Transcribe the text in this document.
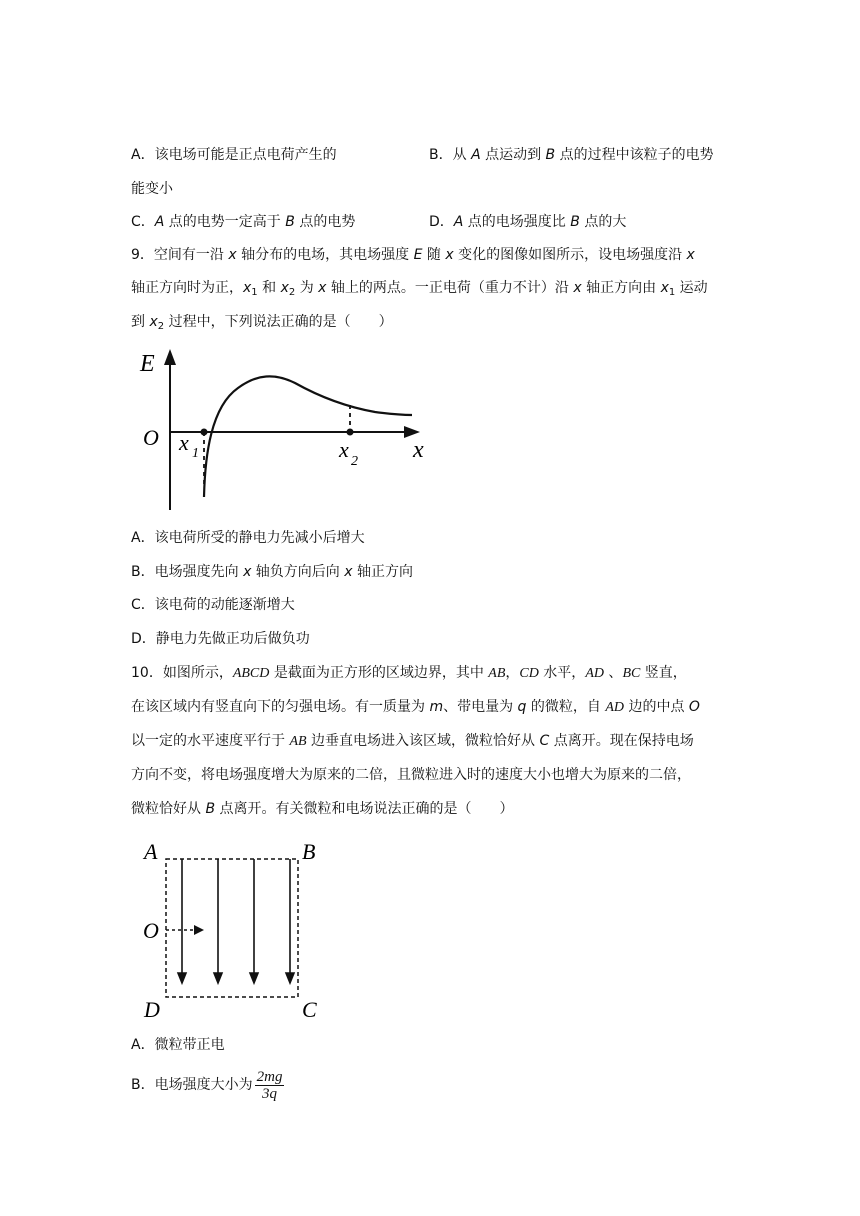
A．该电场可能是正点电荷产生的	B．从 A 点运动到 B 点的过程中该粒子的电势
能变小
C．A 点的电势一定高于 B 点的电势	D．A 点的电场强度比 B 点的大
9．空间有一沿 x 轴分布的电场，其电场强度 E 随 x 变化的图像如图所示，设电场强度沿 x
轴正方向时为正，$x_1$ 和 $x_2$ 为 x 轴上的两点。一正电荷（重力不计）沿 x 轴正方向由 $x_1$ 运动
到 $x_2$ 过程中，下列说法正确的是（　　）
E
O	x
x 1	x 2
A．该电荷所受的静电力先减小后增大
B．电场强度先向 x 轴负方向后向 x 轴正方向
C．该电荷的动能逐渐增大
D．静电力先做正功后做负功
10．如图所示，ABCD 是截面为正方形的区域边界，其中 AB，CD 水平，AD 、BC 竖直，
在该区域内有竖直向下的匀强电场。有一质量为 m、带电量为 q 的微粒，自 AD 边的中点 O
以一定的水平速度平行于 AB 边垂直电场进入该区域，微粒恰好从 C 点离开。现在保持电场
方向不变，将电场强度增大为原来的二倍，且微粒进入时的速度大小也增大为原来的二倍，
微粒恰好从 B 点离开。有关微粒和电场说法正确的是（　　）
A	B
C
D
O
A．微粒带正电
B．电场强度大小为 $\frac{2mg}{3q}$
